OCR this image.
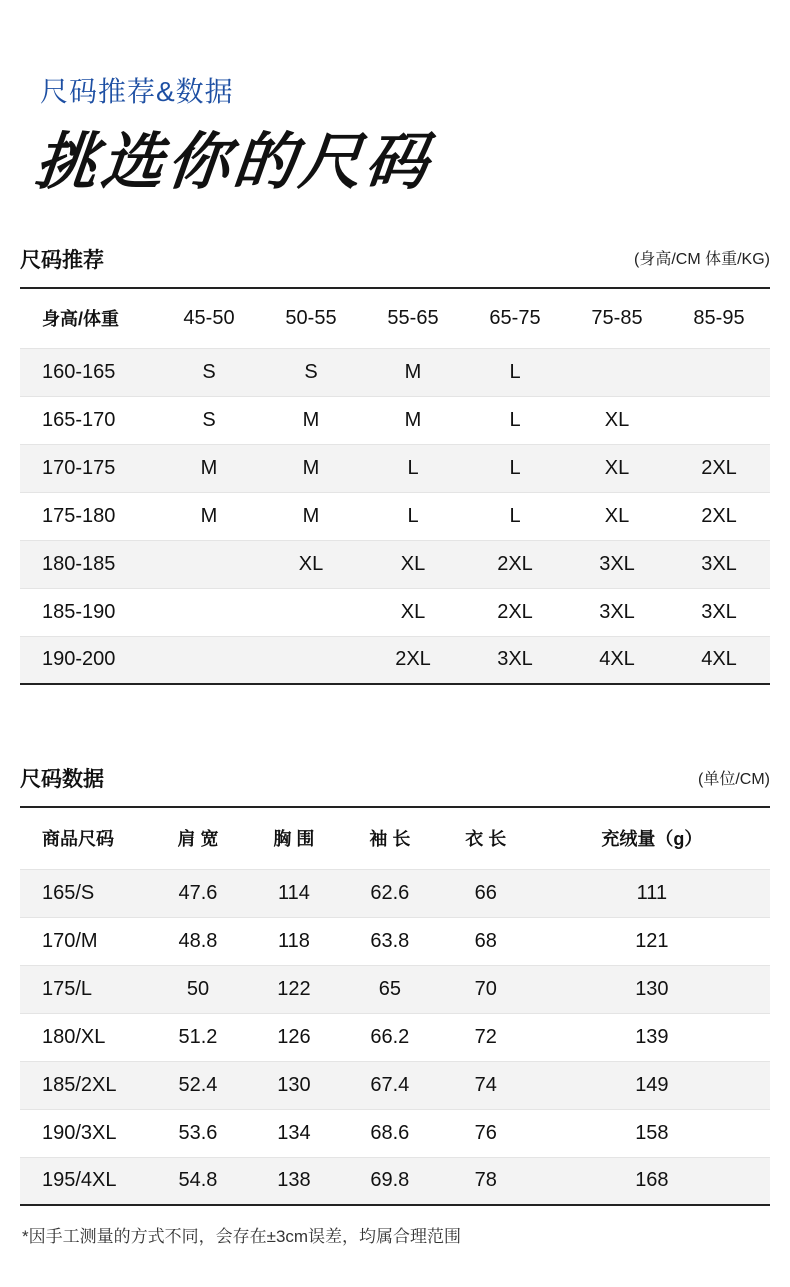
尺码推荐&数据
挑选你的尺码
尺码推荐	(身高/CM 体重/KG)
身高/体重	45-50	50-55	55-65	65-75	75-85	85-95
160-165	S	S	M	L		
165-170	S	M	M	L	XL	
170-175	M	M	L	L	XL	2XL
175-180	M	M	L	L	XL	2XL
180-185		XL	XL	2XL	3XL	3XL
185-190			XL	2XL	3XL	3XL
190-200			2XL	3XL	4XL	4XL
尺码数据	(单位/CM)
商品尺码	肩 宽	胸 围	袖 长	衣 长	充绒量（g）
165/S	47.6	114	62.6	66	111
170/M	48.8	118	63.8	68	121
175/L	50	122	65	70	130
180/XL	51.2	126	66.2	72	139
185/2XL	52.4	130	67.4	74	149
190/3XL	53.6	134	68.6	76	158
195/4XL	54.8	138	69.8	78	168
*因手工测量的方式不同，会存在±3cm误差，均属合理范围
